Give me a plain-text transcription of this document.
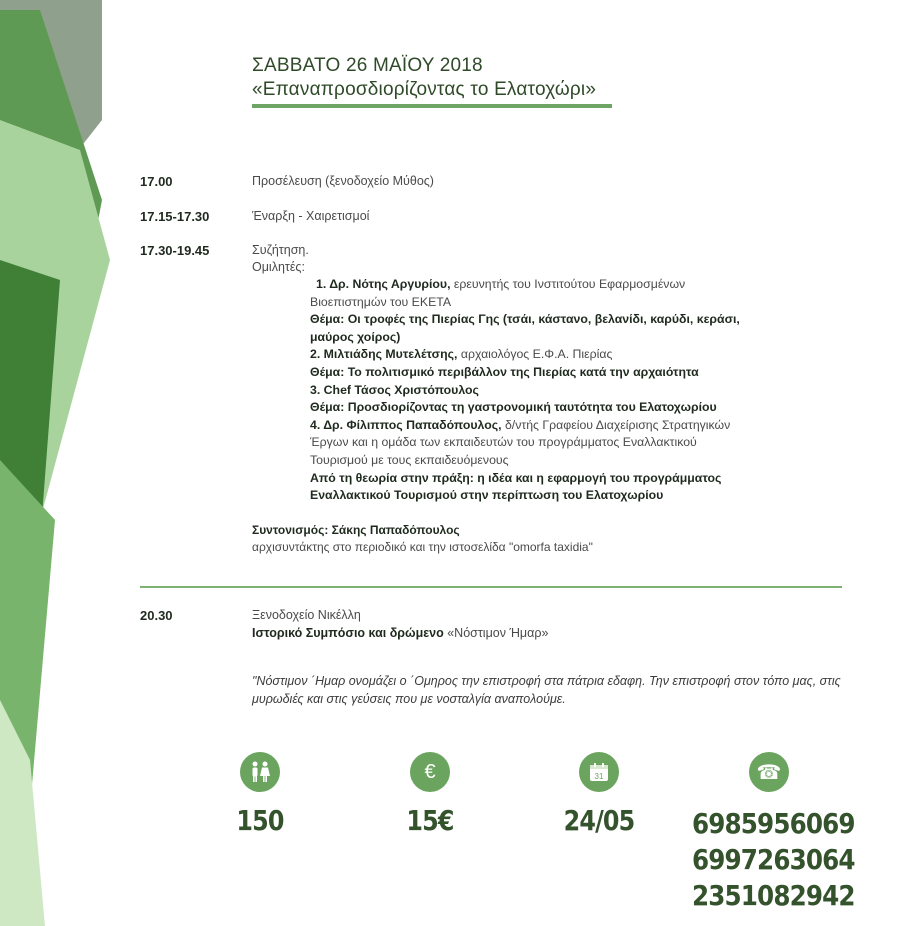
ΣΑΒΒΑΤΟ 26 ΜΑΪΟΥ 2018
«Επαναπροσδιορίζοντας το Ελατοχώρι»
17.00	Προσέλευση (ξενοδοχείο Μύθος)
17.15-17.30	Έναρξη - Χαιρετισμοί
17.30-19.45	Συζήτηση.
Ομιλητές:
1. Δρ. Νότης Αργυρίου, ερευνητής του Ινστιτούτου Εφαρμοσμένων
Βιοεπιστημών του ΕΚΕΤΑ
Θέμα: Οι τροφές της Πιερίας Γης (τσάι, κάστανο, βελανίδι, καρύδι, κεράσι,
μαύρος χοίρος)
2. Μιλτιάδης Μυτελέτσης, αρχαιολόγος Ε.Φ.Α. Πιερίας
Θέμα: Το πολιτισμικό περιβάλλον της Πιερίας κατά την αρχαιότητα
3. Chef Τάσος Χριστόπουλος
Θέμα: Προσδιορίζοντας τη γαστρονομική ταυτότητα του Ελατοχωρίου
4. Δρ. Φίλιππος Παπαδόπουλος, δ/ντής Γραφείου Διαχείρισης Στρατηγικών
Έργων και η ομάδα των εκπαιδευτών του προγράμματος Εναλλακτικού
Τουρισμού με τους εκπαιδευόμενους
Από τη θεωρία στην πράξη: η ιδέα και η εφαρμογή του προγράμματος
Εναλλακτικού Τουρισμού στην περίπτωση του Ελατοχωρίου
Συντονισμός: Σάκης Παπαδόπουλος
αρχισυντάκτης στο περιοδικό και την ιστοσελίδα "omorfa taxidia"
20.30	Ξενοδοχείο Νικέλλη
Ιστορικό Συμπόσιο και δρώμενο «Νόστιμον Ήμαρ»
"Νόστιμον ΄Ημαρ ονομάζει ο ΄Ομηρος την επιστροφή στα πάτρια εδαφη. Την επιστροφή στον τόπο μας, στις μυρωδιές και στις γεύσεις που με νοσταλγία αναπολούμε.
150
€
15€
31
24/05
☎
6985956069
6997263064
2351082942
